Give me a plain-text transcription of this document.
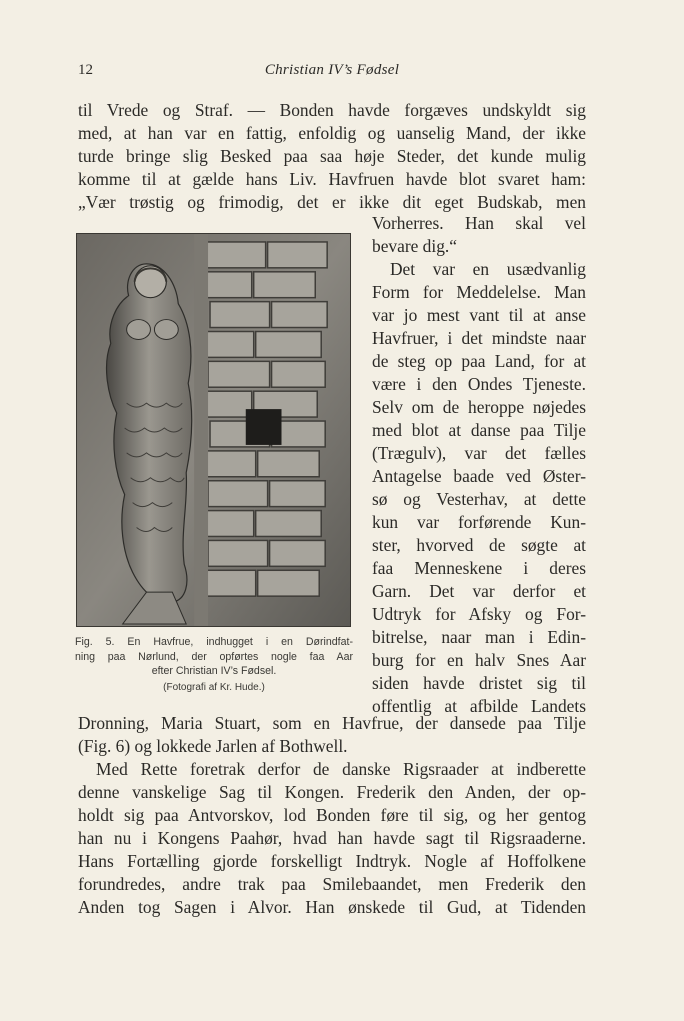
12	Christian IV’s Fødsel
til Vrede og Straf. — Bonden havde forgæves undskyldt sig
med, at han var en fattig, enfoldig og uanselig Mand, der ikke
turde bringe slig Besked paa saa høje Steder, det kunde mulig
komme til at gælde hans Liv. Havfruen havde blot svaret ham:
„Vær trøstig og frimodig, det er ikke dit eget Budskab, men
Fig. 5. En Havfrue, indhugget i en Dørindfat-
ning paa Nørlund, der opførtes nogle faa Aar
efter Christian IV’s Fødsel.
(Fotografi af Kr. Hude.)
Vorherres. Han skal vel
bevare dig.“
Det var en usædvanlig
Form for Meddelelse. Man
var jo mest vant til at anse
Havfruer, i det mindste naar
de steg op paa Land, for at
være i den Ondes Tjeneste.
Selv om de heroppe nøjedes
med blot at danse paa Tilje
(Trægulv), var det fælles
Antagelse baade ved Øster-
sø og Vesterhav, at dette
kun var forførende Kun-
ster, hvorved de søgte at
faa Menneskene i deres
Garn. Det var derfor et
Udtryk for Afsky og For-
bitrelse, naar man i Edin-
burg for en halv Snes Aar
siden havde dristet sig til
offentlig at afbilde Landets
Dronning, Maria Stuart, som en Havfrue, der dansede paa Tilje
(Fig. 6) og lokkede Jarlen af Bothwell.
Med Rette foretrak derfor de danske Rigsraader at indberette
denne vanskelige Sag til Kongen. Frederik den Anden, der op-
holdt sig paa Antvorskov, lod Bonden føre til sig, og her gentog
han nu i Kongens Paahør, hvad han havde sagt til Rigsraaderne.
Hans Fortælling gjorde forskelligt Indtryk. Nogle af Hoffolkene
forundredes, andre trak paa Smilebaandet, men Frederik den
Anden tog Sagen i Alvor. Han ønskede til Gud, at Tidenden
